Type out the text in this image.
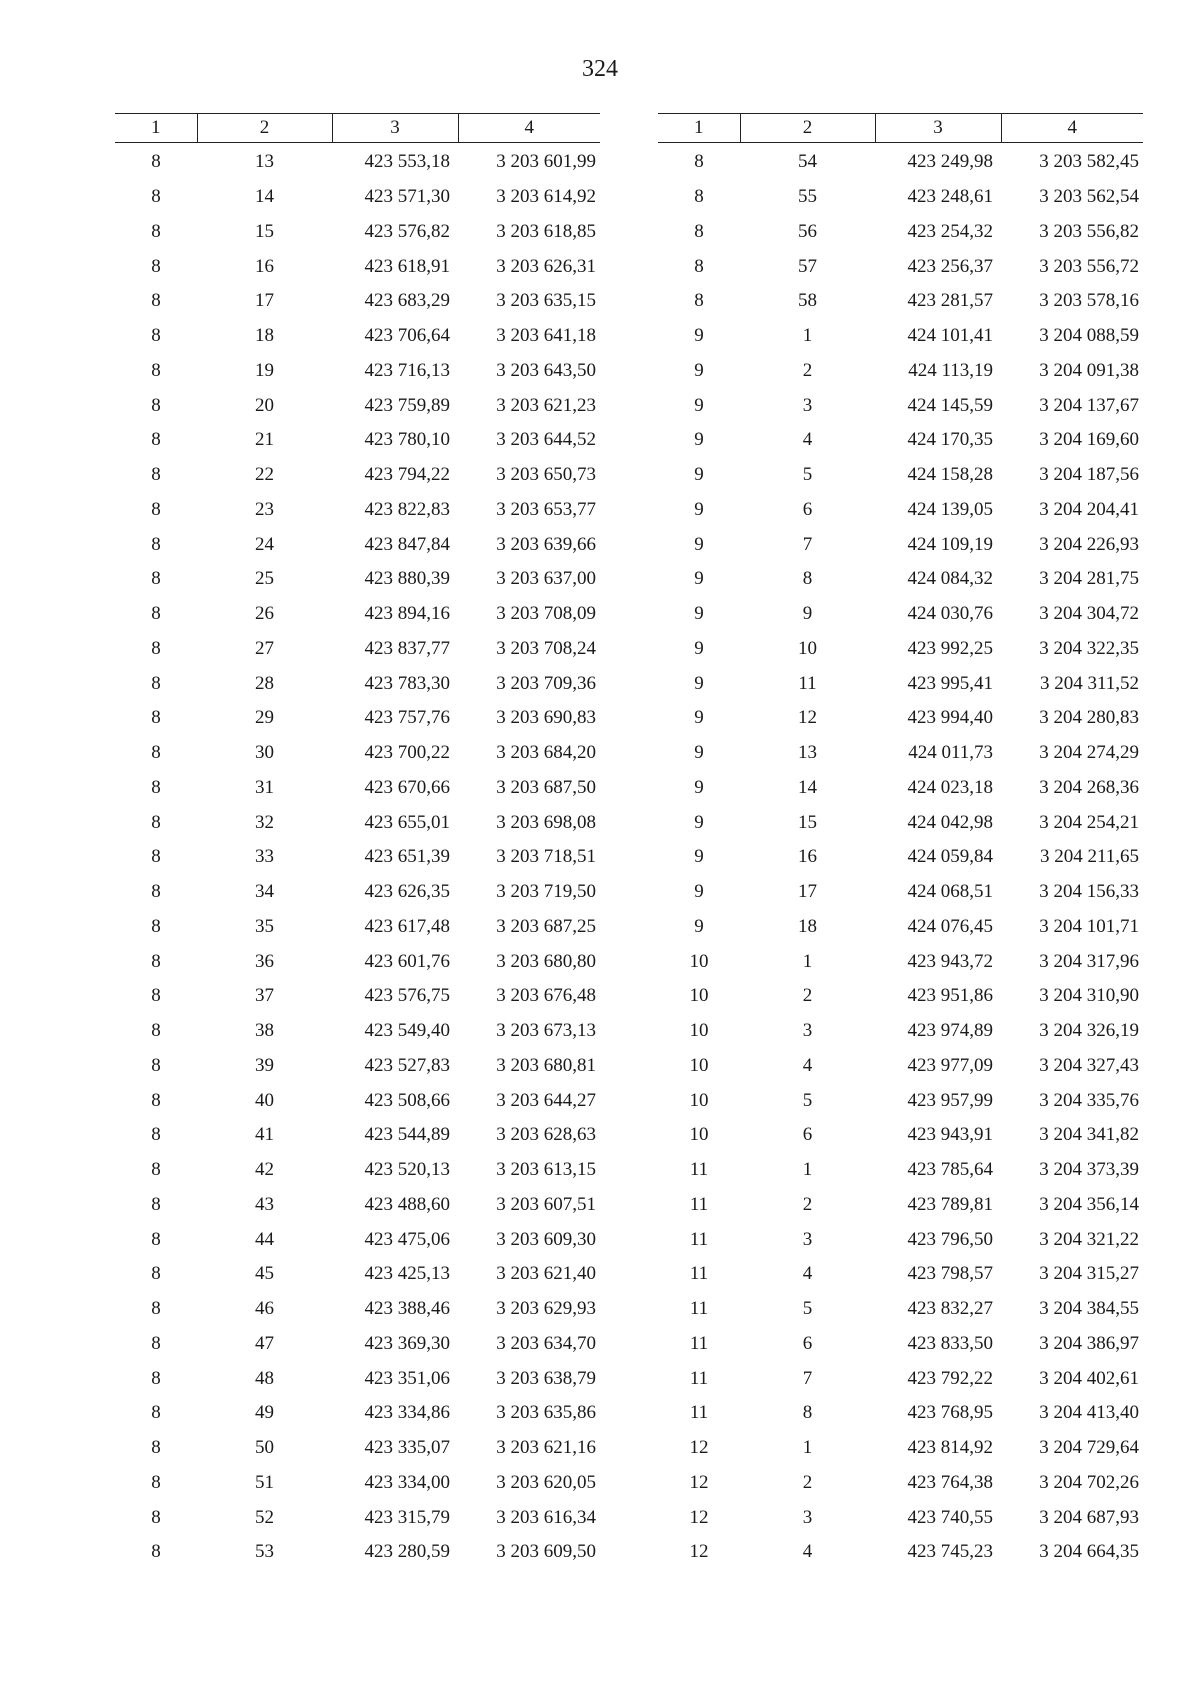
324
1	2	3	4
8	13	423 553,18	3 203 601,99
8	14	423 571,30	3 203 614,92
8	15	423 576,82	3 203 618,85
8	16	423 618,91	3 203 626,31
8	17	423 683,29	3 203 635,15
8	18	423 706,64	3 203 641,18
8	19	423 716,13	3 203 643,50
8	20	423 759,89	3 203 621,23
8	21	423 780,10	3 203 644,52
8	22	423 794,22	3 203 650,73
8	23	423 822,83	3 203 653,77
8	24	423 847,84	3 203 639,66
8	25	423 880,39	3 203 637,00
8	26	423 894,16	3 203 708,09
8	27	423 837,77	3 203 708,24
8	28	423 783,30	3 203 709,36
8	29	423 757,76	3 203 690,83
8	30	423 700,22	3 203 684,20
8	31	423 670,66	3 203 687,50
8	32	423 655,01	3 203 698,08
8	33	423 651,39	3 203 718,51
8	34	423 626,35	3 203 719,50
8	35	423 617,48	3 203 687,25
8	36	423 601,76	3 203 680,80
8	37	423 576,75	3 203 676,48
8	38	423 549,40	3 203 673,13
8	39	423 527,83	3 203 680,81
8	40	423 508,66	3 203 644,27
8	41	423 544,89	3 203 628,63
8	42	423 520,13	3 203 613,15
8	43	423 488,60	3 203 607,51
8	44	423 475,06	3 203 609,30
8	45	423 425,13	3 203 621,40
8	46	423 388,46	3 203 629,93
8	47	423 369,30	3 203 634,70
8	48	423 351,06	3 203 638,79
8	49	423 334,86	3 203 635,86
8	50	423 335,07	3 203 621,16
8	51	423 334,00	3 203 620,05
8	52	423 315,79	3 203 616,34
8	53	423 280,59	3 203 609,50
1	2	3	4
8	54	423 249,98	3 203 582,45
8	55	423 248,61	3 203 562,54
8	56	423 254,32	3 203 556,82
8	57	423 256,37	3 203 556,72
8	58	423 281,57	3 203 578,16
9	1	424 101,41	3 204 088,59
9	2	424 113,19	3 204 091,38
9	3	424 145,59	3 204 137,67
9	4	424 170,35	3 204 169,60
9	5	424 158,28	3 204 187,56
9	6	424 139,05	3 204 204,41
9	7	424 109,19	3 204 226,93
9	8	424 084,32	3 204 281,75
9	9	424 030,76	3 204 304,72
9	10	423 992,25	3 204 322,35
9	11	423 995,41	3 204 311,52
9	12	423 994,40	3 204 280,83
9	13	424 011,73	3 204 274,29
9	14	424 023,18	3 204 268,36
9	15	424 042,98	3 204 254,21
9	16	424 059,84	3 204 211,65
9	17	424 068,51	3 204 156,33
9	18	424 076,45	3 204 101,71
10	1	423 943,72	3 204 317,96
10	2	423 951,86	3 204 310,90
10	3	423 974,89	3 204 326,19
10	4	423 977,09	3 204 327,43
10	5	423 957,99	3 204 335,76
10	6	423 943,91	3 204 341,82
11	1	423 785,64	3 204 373,39
11	2	423 789,81	3 204 356,14
11	3	423 796,50	3 204 321,22
11	4	423 798,57	3 204 315,27
11	5	423 832,27	3 204 384,55
11	6	423 833,50	3 204 386,97
11	7	423 792,22	3 204 402,61
11	8	423 768,95	3 204 413,40
12	1	423 814,92	3 204 729,64
12	2	423 764,38	3 204 702,26
12	3	423 740,55	3 204 687,93
12	4	423 745,23	3 204 664,35
